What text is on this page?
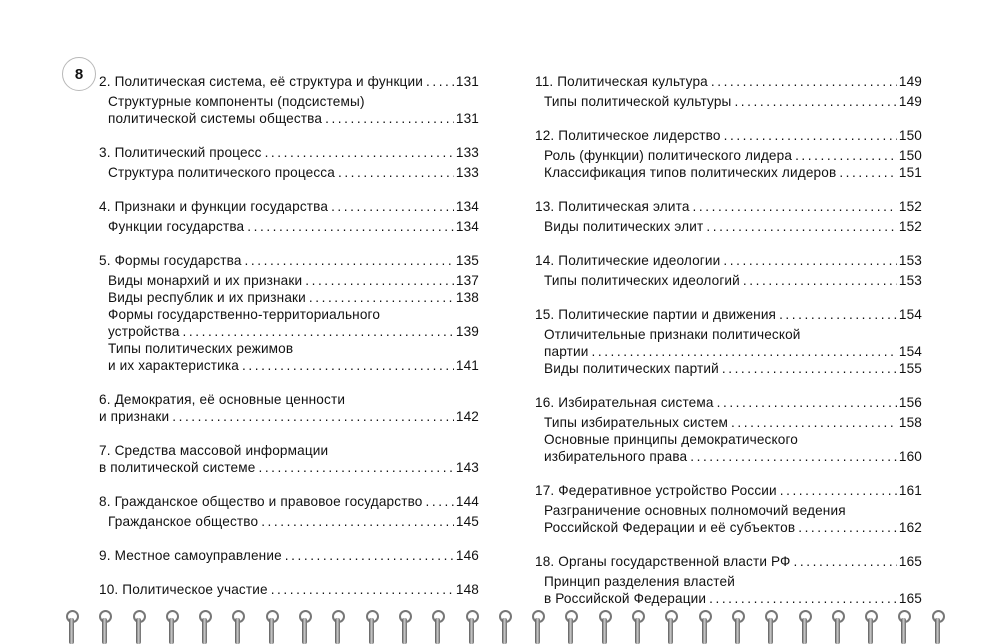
8 2. Политическая система, её структура и функции . . . 131
Структурные компоненты (подсистемы)
политической системы общества . . .	131
3. Политический процесс . . .	133
Структура политического процесса . . .	133
4. Признаки и функции государства . . .	134
Функции государства . . .	134
5. Формы государства . . .	135
Виды монархий и их признаки . . .	137
Виды республик и их признаки . . .	138
Формы государственно-территориального
устройства . . .	139
Типы политических режимов
и их характеристика . . .	141
6. Демократия, её основные ценности
и признаки . . .	142
7. Средства массовой информации
в политической системе . . .	143
8. Гражданское общество и правовое государство . . . 144
Гражданское общество . . .	145
9. Местное самоуправление . . .	146
10. Политическое участие . . .	148
11. Политическая культура . . .	149
Типы политической культуры . . .	149
12. Политическое лидерство . . .	150
Роль (функции) политического лидера . . .	150
Классификация типов политических лидеров . . .	151
13. Политическая элита . . .	152
Виды политических элит . . .	152
14. Политические идеологии . . .	153
Типы политических идеологий . . .	153
15. Политические партии и движения . . .	154
Отличительные признаки политической
партии . . .	154
Виды политических партий . . .	155
16. Избирательная система . . .	156
Типы избирательных систем . . .	158
Основные принципы демократического
избирательного права . . .	160
17. Федеративное устройство России . . .	161
Разграничение основных полномочий ведения
Российской Федерации и её субъектов . . .	162
18. Органы государственной власти РФ . . .	165
Принцип разделения властей
в Российской Федерации . . .	165
